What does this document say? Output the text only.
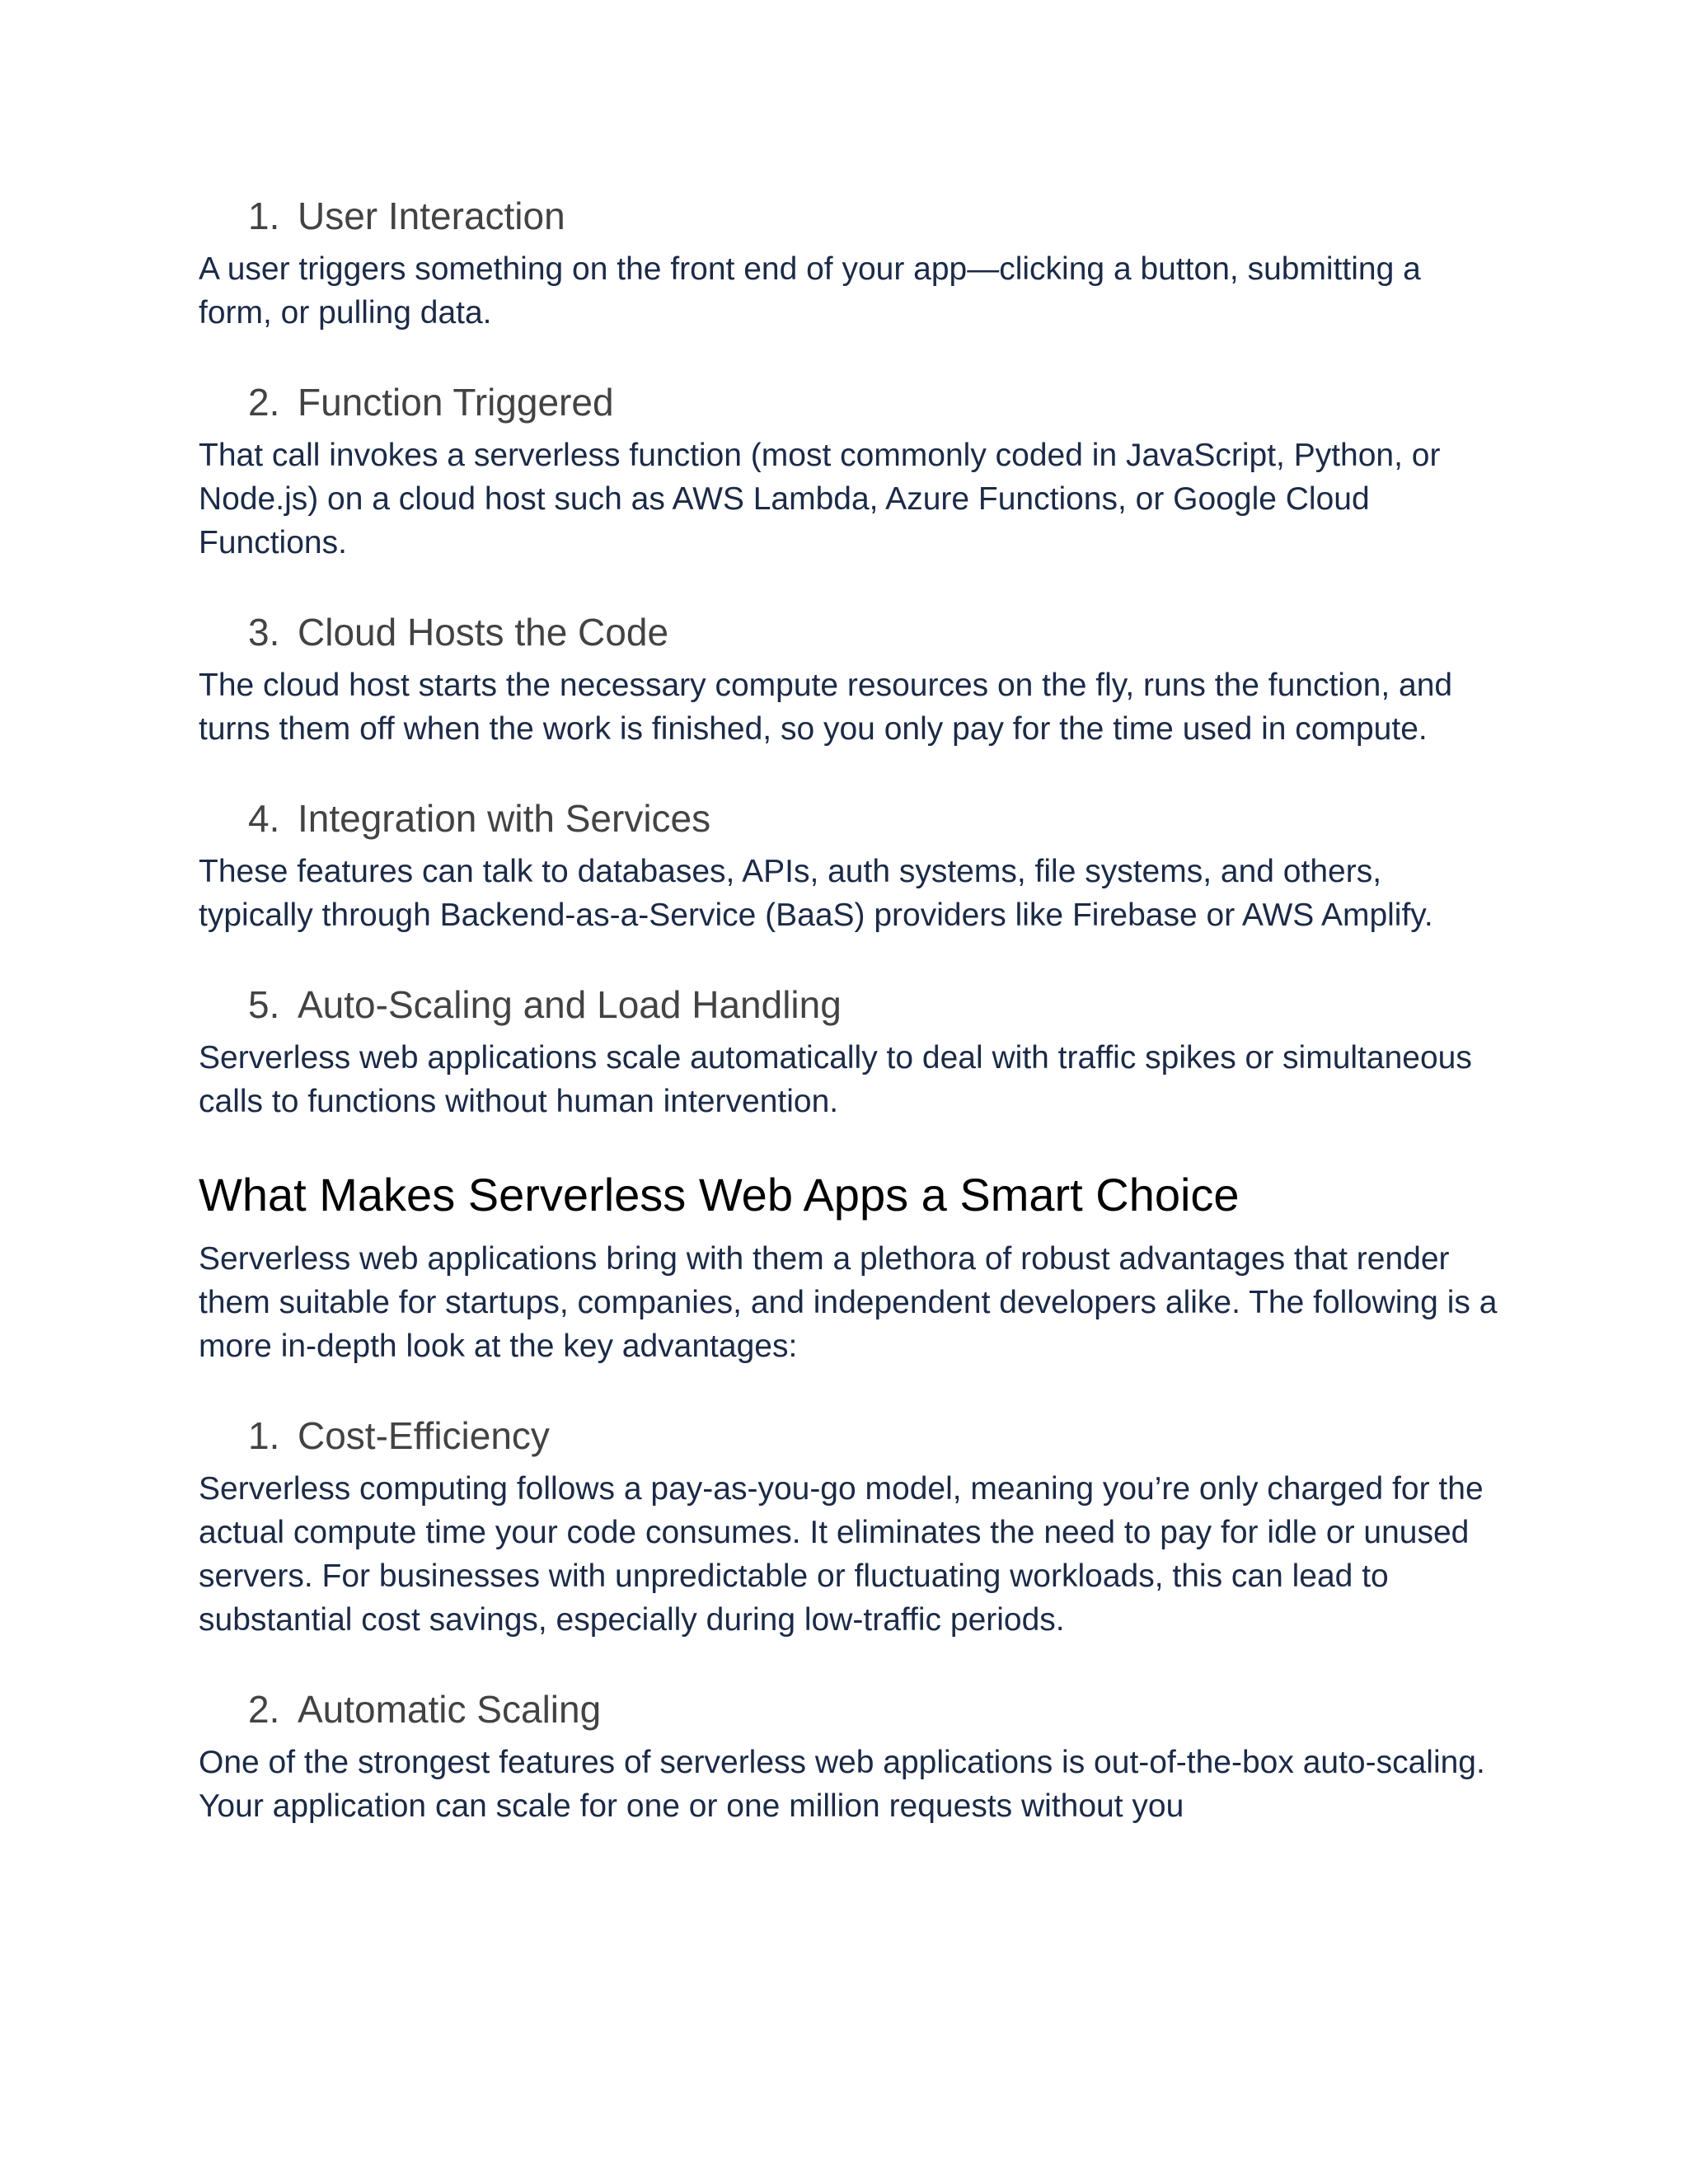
1. User Interaction

A user triggers something on the front end of your app—clicking a button, submitting a form, or pulling data.

2. Function Triggered

That call invokes a serverless function (most commonly coded in JavaScript, Python, or Node.js) on a cloud host such as AWS Lambda, Azure Functions, or Google Cloud Functions.

3. Cloud Hosts the Code

The cloud host starts the necessary compute resources on the fly, runs the function, and turns them off when the work is finished, so you only pay for the time used in compute.

4. Integration with Services

These features can talk to databases, APIs, auth systems, file systems, and others, typically through Backend-as-a-Service (BaaS) providers like Firebase or AWS Amplify.

5. Auto-Scaling and Load Handling

Serverless web applications scale automatically to deal with traffic spikes or simultaneous calls to functions without human intervention.

What Makes Serverless Web Apps a Smart Choice

Serverless web applications bring with them a plethora of robust advantages that render them suitable for startups, companies, and independent developers alike. The following is a more in-depth look at the key advantages:

1. Cost-Efficiency

Serverless computing follows a pay-as-you-go model, meaning you’re only charged for the actual compute time your code consumes. It eliminates the need to pay for idle or unused servers. For businesses with unpredictable or fluctuating workloads, this can lead to substantial cost savings, especially during low-traffic periods.

2. Automatic Scaling

One of the strongest features of serverless web applications is out-of-the-box auto-scaling. Your application can scale for one or one million requests without you
